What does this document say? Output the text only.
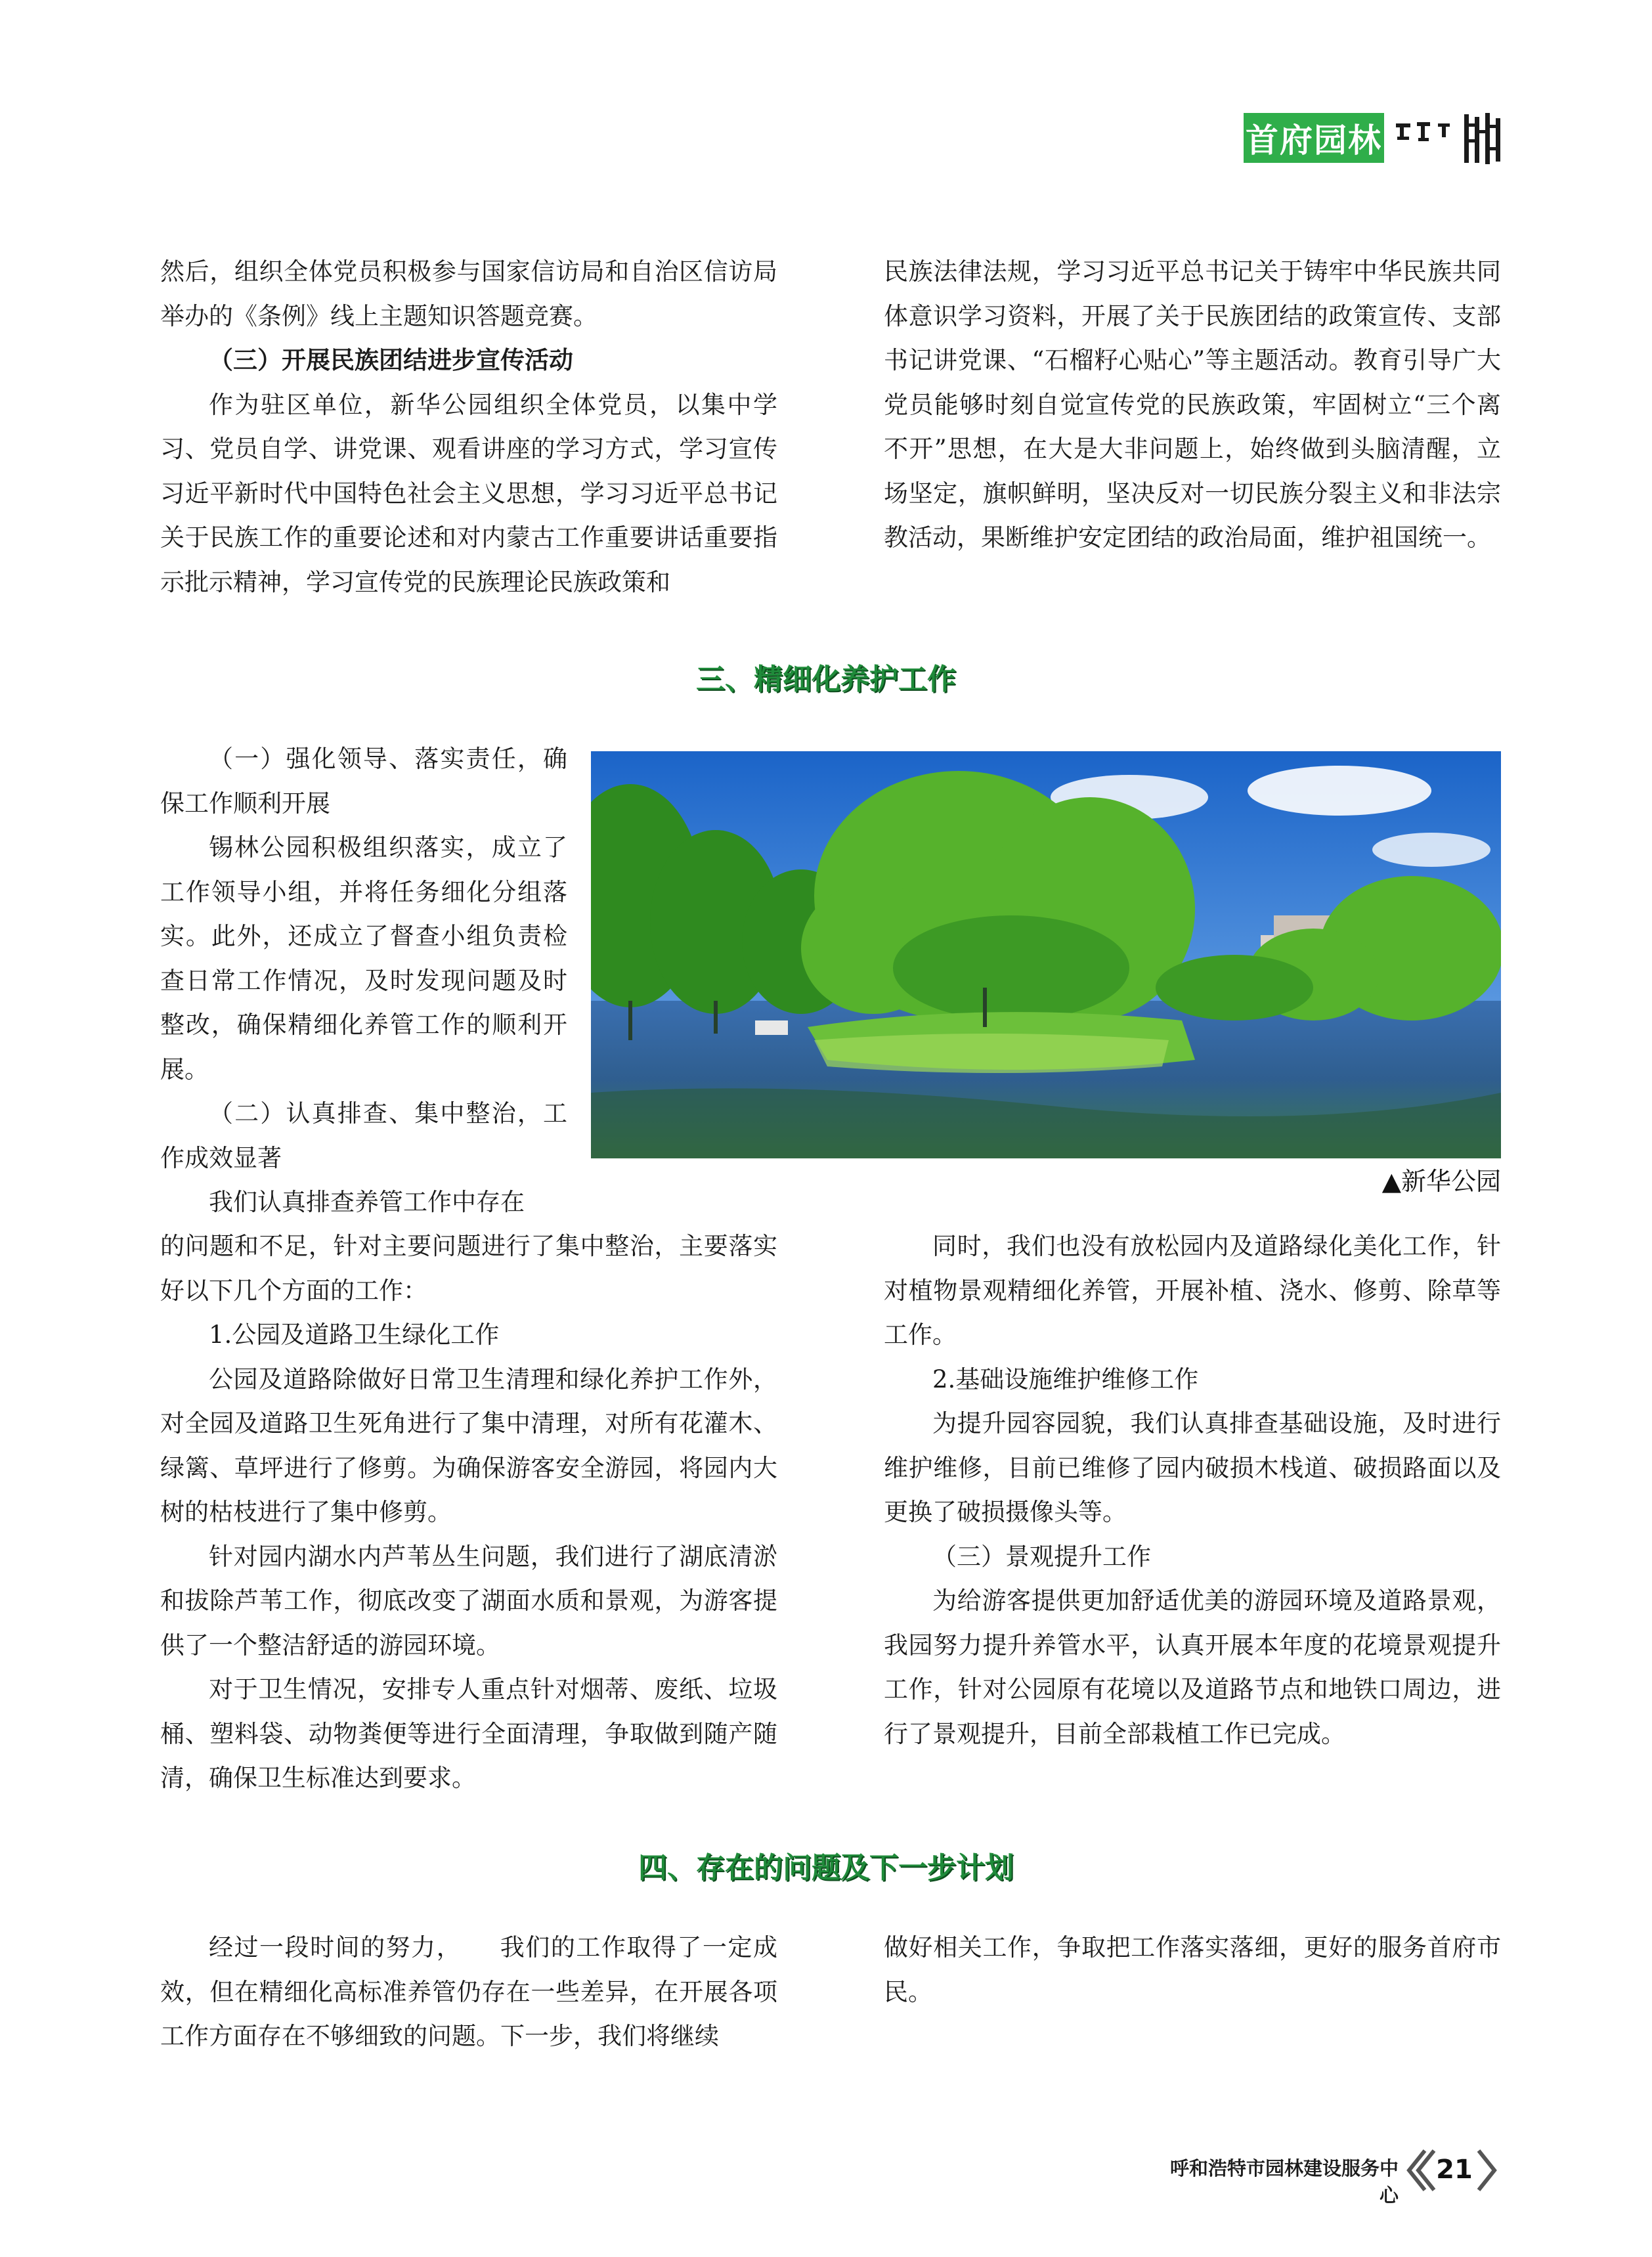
首府园林

然后，组织全体党员积极参与国家信访局和自治区信访局举办的《条例》线上主题知识答题竞赛。

（三）开展民族团结进步宣传活动

作为驻区单位，新华公园组织全体党员，以集中学习、党员自学、讲党课、观看讲座的学习方式，学习宣传习近平新时代中国特色社会主义思想，学习习近平总书记关于民族工作的重要论述和对内蒙古工作重要讲话重要指示批示精神，学习宣传党的民族理论民族政策和

民族法律法规，学习习近平总书记关于铸牢中华民族共同体意识学习资料，开展了关于民族团结的政策宣传、支部书记讲党课、“石榴籽心贴心”等主题活动。教育引导广大党员能够时刻自觉宣传党的民族政策，牢固树立“三个离不开”思想，在大是大非问题上，始终做到头脑清醒，立场坚定，旗帜鲜明，坚决反对一切民族分裂主义和非法宗教活动，果断维护安定团结的政治局面，维护祖国统一。

三、精细化养护工作

（一）强化领导、落实责任，确保工作顺利开展

锡林公园积极组织落实，成立了工作领导小组，并将任务细化分组落实。此外，还成立了督查小组负责检查日常工作情况，及时发现问题及时整改，确保精细化养管工作的顺利开展。

（二）认真排查、集中整治，工作成效显著

我们认真排查养管工作中存在

▲新华公园

的问题和不足，针对主要问题进行了集中整治，主要落实好以下几个方面的工作：

1.公园及道路卫生绿化工作

公园及道路除做好日常卫生清理和绿化养护工作外，对全园及道路卫生死角进行了集中清理，对所有花灌木、绿篱、草坪进行了修剪。为确保游客安全游园，将园内大树的枯枝进行了集中修剪。

针对园内湖水内芦苇丛生问题，我们进行了湖底清淤和拔除芦苇工作，彻底改变了湖面水质和景观，为游客提供了一个整洁舒适的游园环境。

对于卫生情况，安排专人重点针对烟蒂、废纸、垃圾桶、塑料袋、动物粪便等进行全面清理，争取做到随产随清，确保卫生标准达到要求。

同时，我们也没有放松园内及道路绿化美化工作，针对植物景观精细化养管，开展补植、浇水、修剪、除草等工作。

2.基础设施维护维修工作

为提升园容园貌，我们认真排查基础设施，及时进行维护维修，目前已维修了园内破损木栈道、破损路面以及更换了破损摄像头等。

（三）景观提升工作

为给游客提供更加舒适优美的游园环境及道路景观，我园努力提升养管水平，认真开展本年度的花境景观提升工作，针对公园原有花境以及道路节点和地铁口周边，进行了景观提升，目前全部栽植工作已完成。

四、存在的问题及下一步计划

经过一段时间的努力，　　我们的工作取得了一定成效，但在精细化高标准养管仍存在一些差异，在开展各项工作方面存在不够细致的问题。下一步，我们将继续

做好相关工作，争取把工作落实落细，更好的服务首府市民。

呼和浩特市园林建设服务中心
21
